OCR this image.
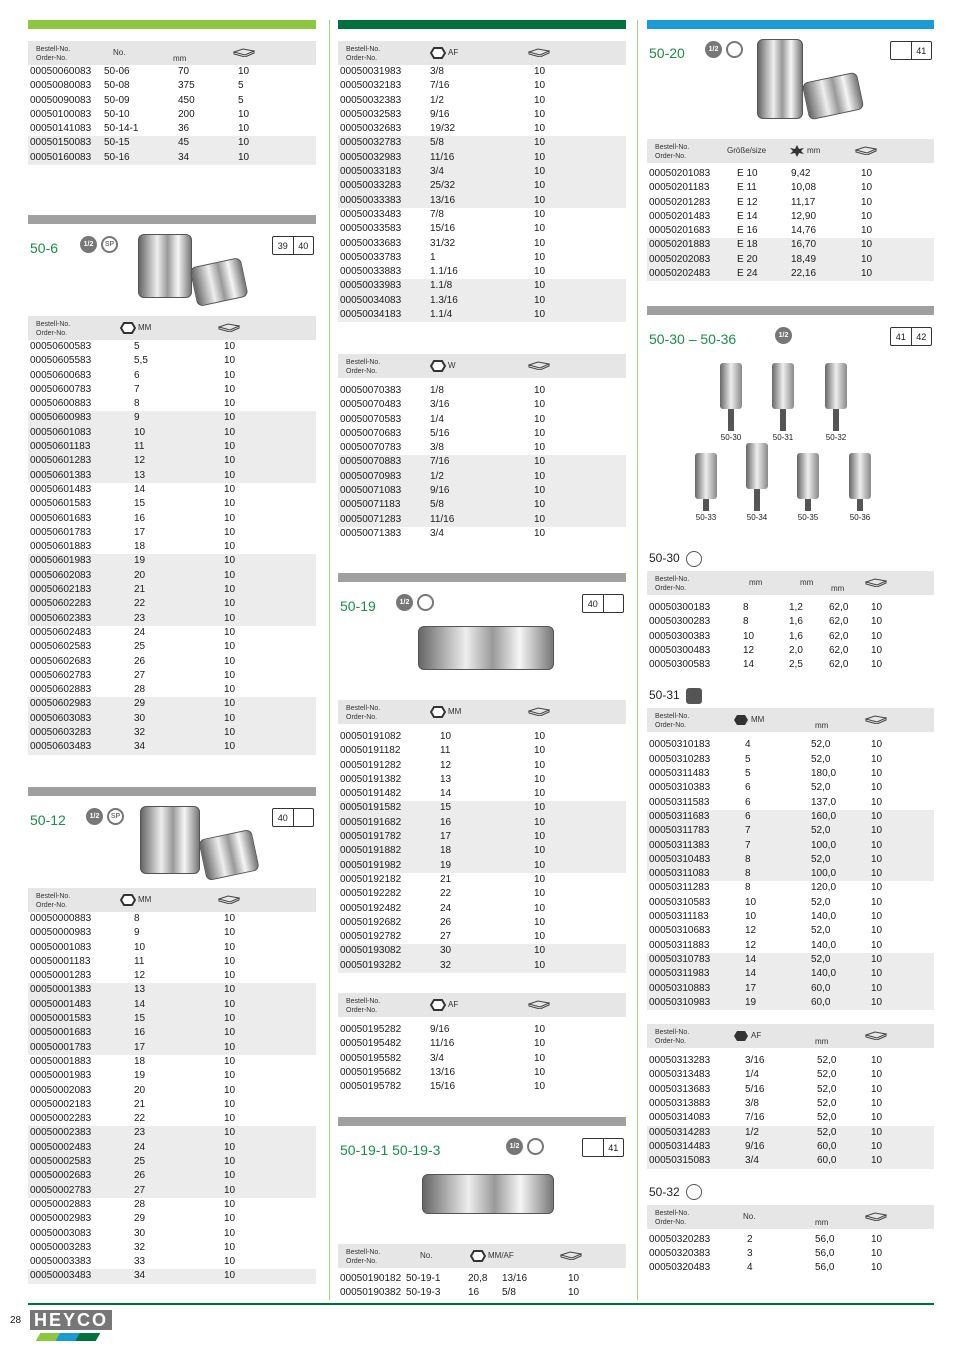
Bestell-No.
Order-No.
No.
mm
00050060083 50-06	70	10
00050080083 50-08	375	5
00050090083 50-09	450	5
00050100083 50-10	200	10
00050141083 50-14-1	36	10
00050150083 50-15	45	10
00050160083 50-16	34	10
50-6	1/2	SP	39	40
Bestell-No.
Order-No.
MM
00050600583	5	10
00050605583	5,5	10
00050600683	6	10
00050600783	7	10
00050600883	8	10
00050600983	9	10
00050601083	10	10
00050601183	11	10
00050601283	12	10
00050601383	13	10
00050601483	14	10
00050601583	15	10
00050601683	16	10
00050601783	17	10
00050601883	18	10
00050601983	19	10
00050602083	20	10
00050602183	21	10
00050602283	22	10
00050602383	23	10
00050602483	24	10
00050602583	25	10
00050602683	26	10
00050602783	27	10
00050602883	28	10
00050602983	29	10
00050603083	30	10
00050603283	32	10
00050603483	34	10
50-12	1/2	SP	40
Bestell-No.
Order-No.
MM
00050000883	8	10
00050000983	9	10
00050001083	10	10
00050001183	11	10
00050001283	12	10
00050001383	13	10
00050001483	14	10
00050001583	15	10
00050001683	16	10
00050001783	17	10
00050001883	18	10
00050001983	19	10
00050002083	20	10
00050002183	21	10
00050002283	22	10
00050002383	23	10
00050002483	24	10
00050002583	25	10
00050002683	26	10
00050002783	27	10
00050002883	28	10
00050002983	29	10
00050003083	30	10
00050003283	32	10
00050003383	33	10
00050003483	34	10
Bestell-No.
Order-No.
AF
00050031983	3/8	10
00050032183	7/16	10
00050032383	1/2	10
00050032583	9/16	10
00050032683	19/32	10
00050032783	5/8	10
00050032983	11/16	10
00050033183	3/4	10
00050033283	25/32	10
00050033383	13/16	10
00050033483	7/8	10
00050033583	15/16	10
00050033683	31/32	10
00050033783	1	10
00050033883	1.1/16	10
00050033983	1.1/8	10
00050034083	1.3/16	10
00050034183	1.1/4	10
Bestell-No.
Order-No.
W
00050070383	1/8	10
00050070483	3/16	10
00050070583	1/4	10
00050070683	5/16	10
00050070783	3/8	10
00050070883	7/16	10
00050070983	1/2	10
00050071083	9/16	10
00050071183	5/8	10
00050071283	11/16	10
00050071383	3/4	10
50-19	1/2	40
Bestell-No.
Order-No.
MM
00050191082	10	10
00050191182	11	10
00050191282	12	10
00050191382	13	10
00050191482	14	10
00050191582	15	10
00050191682	16	10
00050191782	17	10
00050191882	18	10
00050191982	19	10
00050192182	21	10
00050192282	22	10
00050192482	24	10
00050192682	26	10
00050192782	27	10
00050193082	30	10
00050193282	32	10
Bestell-No.
Order-No.
AF
00050195282	9/16	10
00050195482	11/16	10
00050195582	3/4	10
00050195682	13/16	10
00050195782	15/16	10
50-19-1 50-19-3	1/2	41
Bestell-No.
Order-No.
No.	MM/AF
00050190182 50-19-1	20,8 13/16	10
00050190382 50-19-3	16 5/8	10
50-20	1/2	41
Bestell-No.
Order-No.
Größe/size	mm
00050201083	E 10	9,42	10
00050201183	E 11	10,08	10
00050201283	E 12	11,17	10
00050201483	E 14	12,90	10
00050201683	E 16	14,76	10
00050201883	E 18	16,70	10
00050202083	E 20	18,49	10
00050202483	E 24	22,16	10
50-30 – 50-36	1/2	41	42
50-30	50-31	50-32
50-33	50-34	50-35	50-36
50-30
Bestell-No.
Order-No.
mm	mm
mm
00050300183	8	1,2	62,0 10
00050300283	8	1,6	62,0 10
00050300383	10	1,6	62,0 10
00050300483	12	2,0	62,0 10
00050300583	14	2,5	62,0 10
50-31
Bestell-No.
Order-No.
MM
mm
00050310183	4	52,0	10
00050310283	5	52,0	10
00050311483	5	180,0	10
00050310383	6	52,0	10
00050311583	6	137,0	10
00050311683	6	160,0	10
00050311783	7	52,0	10
00050311383	7	100,0	10
00050310483	8	52,0	10
00050311083	8	100,0	10
00050311283	8	120,0	10
00050310583	10	52,0	10
00050311183	10	140,0	10
00050310683	12	52,0	10
00050311883	12	140,0	10
00050310783	14	52,0	10
00050311983	14	140,0	10
00050310883	17	60,0	10
00050310983	19	60,0	10
Bestell-No.
Order-No.
AF
mm
00050313283	3/16	52,0	10
00050313483	1/4	52,0	10
00050313683	5/16	52,0	10
00050313883	3/8	52,0	10
00050314083	7/16	52,0	10
00050314283	1/2	52,0	10
00050314483	9/16	60,0	10
00050315083	3/4	60,0	10
50-32
Bestell-No.
Order-No.
No.
mm
00050320283	2	56,0	10
00050320383	3	56,0	10
00050320483	4	56,0	10
28 HEYCO
